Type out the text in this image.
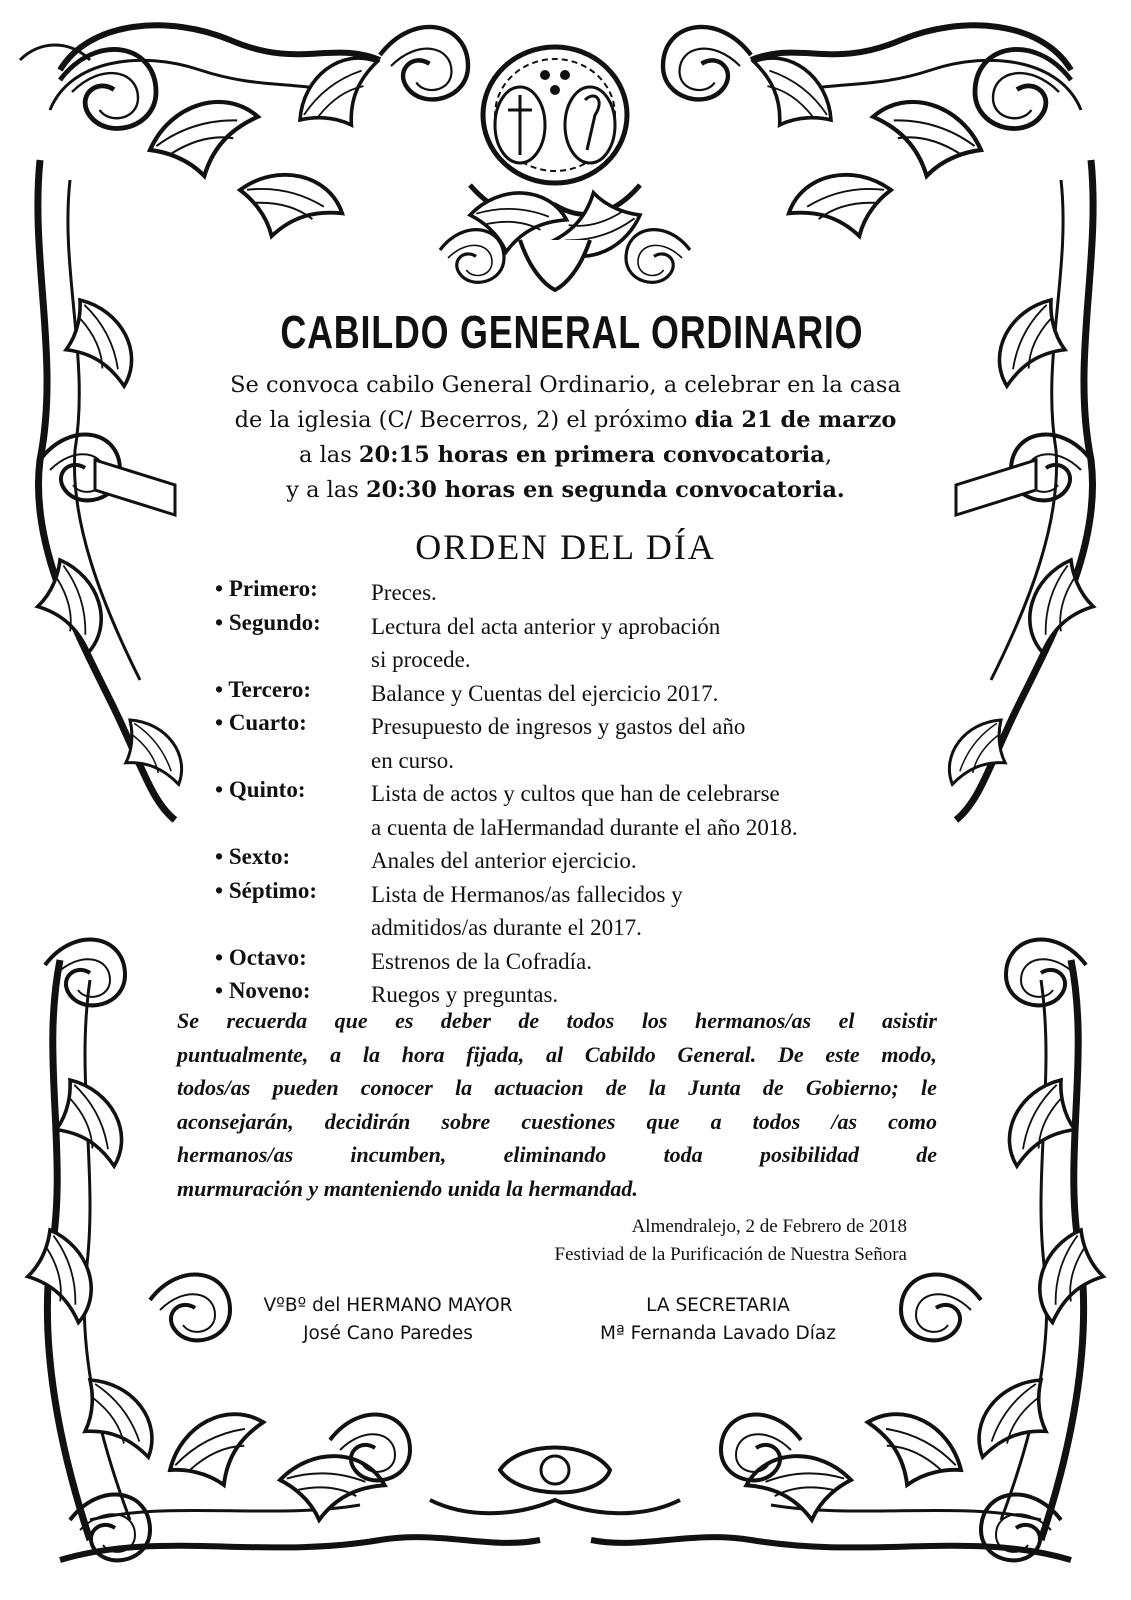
CABILDO GENERAL ORDINARIO
Se convoca cabilo General Ordinario, a celebrar en la casa
de la iglesia (C/ Becerros, 2) el próximo dia 21 de marzo
a las 20:15 horas en primera convocatoria,
y a las 20:30 horas en segunda convocatoria.
ORDEN DEL DÍA
• Primero: Preces.
• Segundo: Lectura del acta anterior y aprobación
si procede.
• Tercero:	Balance y Cuentas del ejercicio 2017.
• Cuarto:	Presupuesto de ingresos y gastos del año
en curso.
• Quinto:	Lista de actos y cultos que han de celebrarse
a cuenta de laHermandad durante el año 2018.
• Sexto:	Anales del anterior ejercicio.
• Séptimo: Lista de Hermanos/as fallecidos y
admitidos/as durante el 2017.
• Octavo:	Estrenos de la Cofradía.
• Noveno:	Ruegos y preguntas.
Se recuerda que es deber de todos los hermanos/as el asistir
puntualmente, a la hora fijada, al Cabildo General. De este modo,
todos/as pueden conocer la actuacion de la Junta de Gobierno; le
aconsejarán, decidirán sobre cuestiones que a todos /as como
hermanos/as	incumben,	eliminando	toda	posibilidad	de
murmuración y manteniendo unida la hermandad.
Almendralejo, 2 de Febrero de 2018
Festiviad de la Purificación de Nuestra Señora
VºBº del HERMANO MAYOR
José Cano Paredes
LA SECRETARIA
Mª Fernanda Lavado Díaz
